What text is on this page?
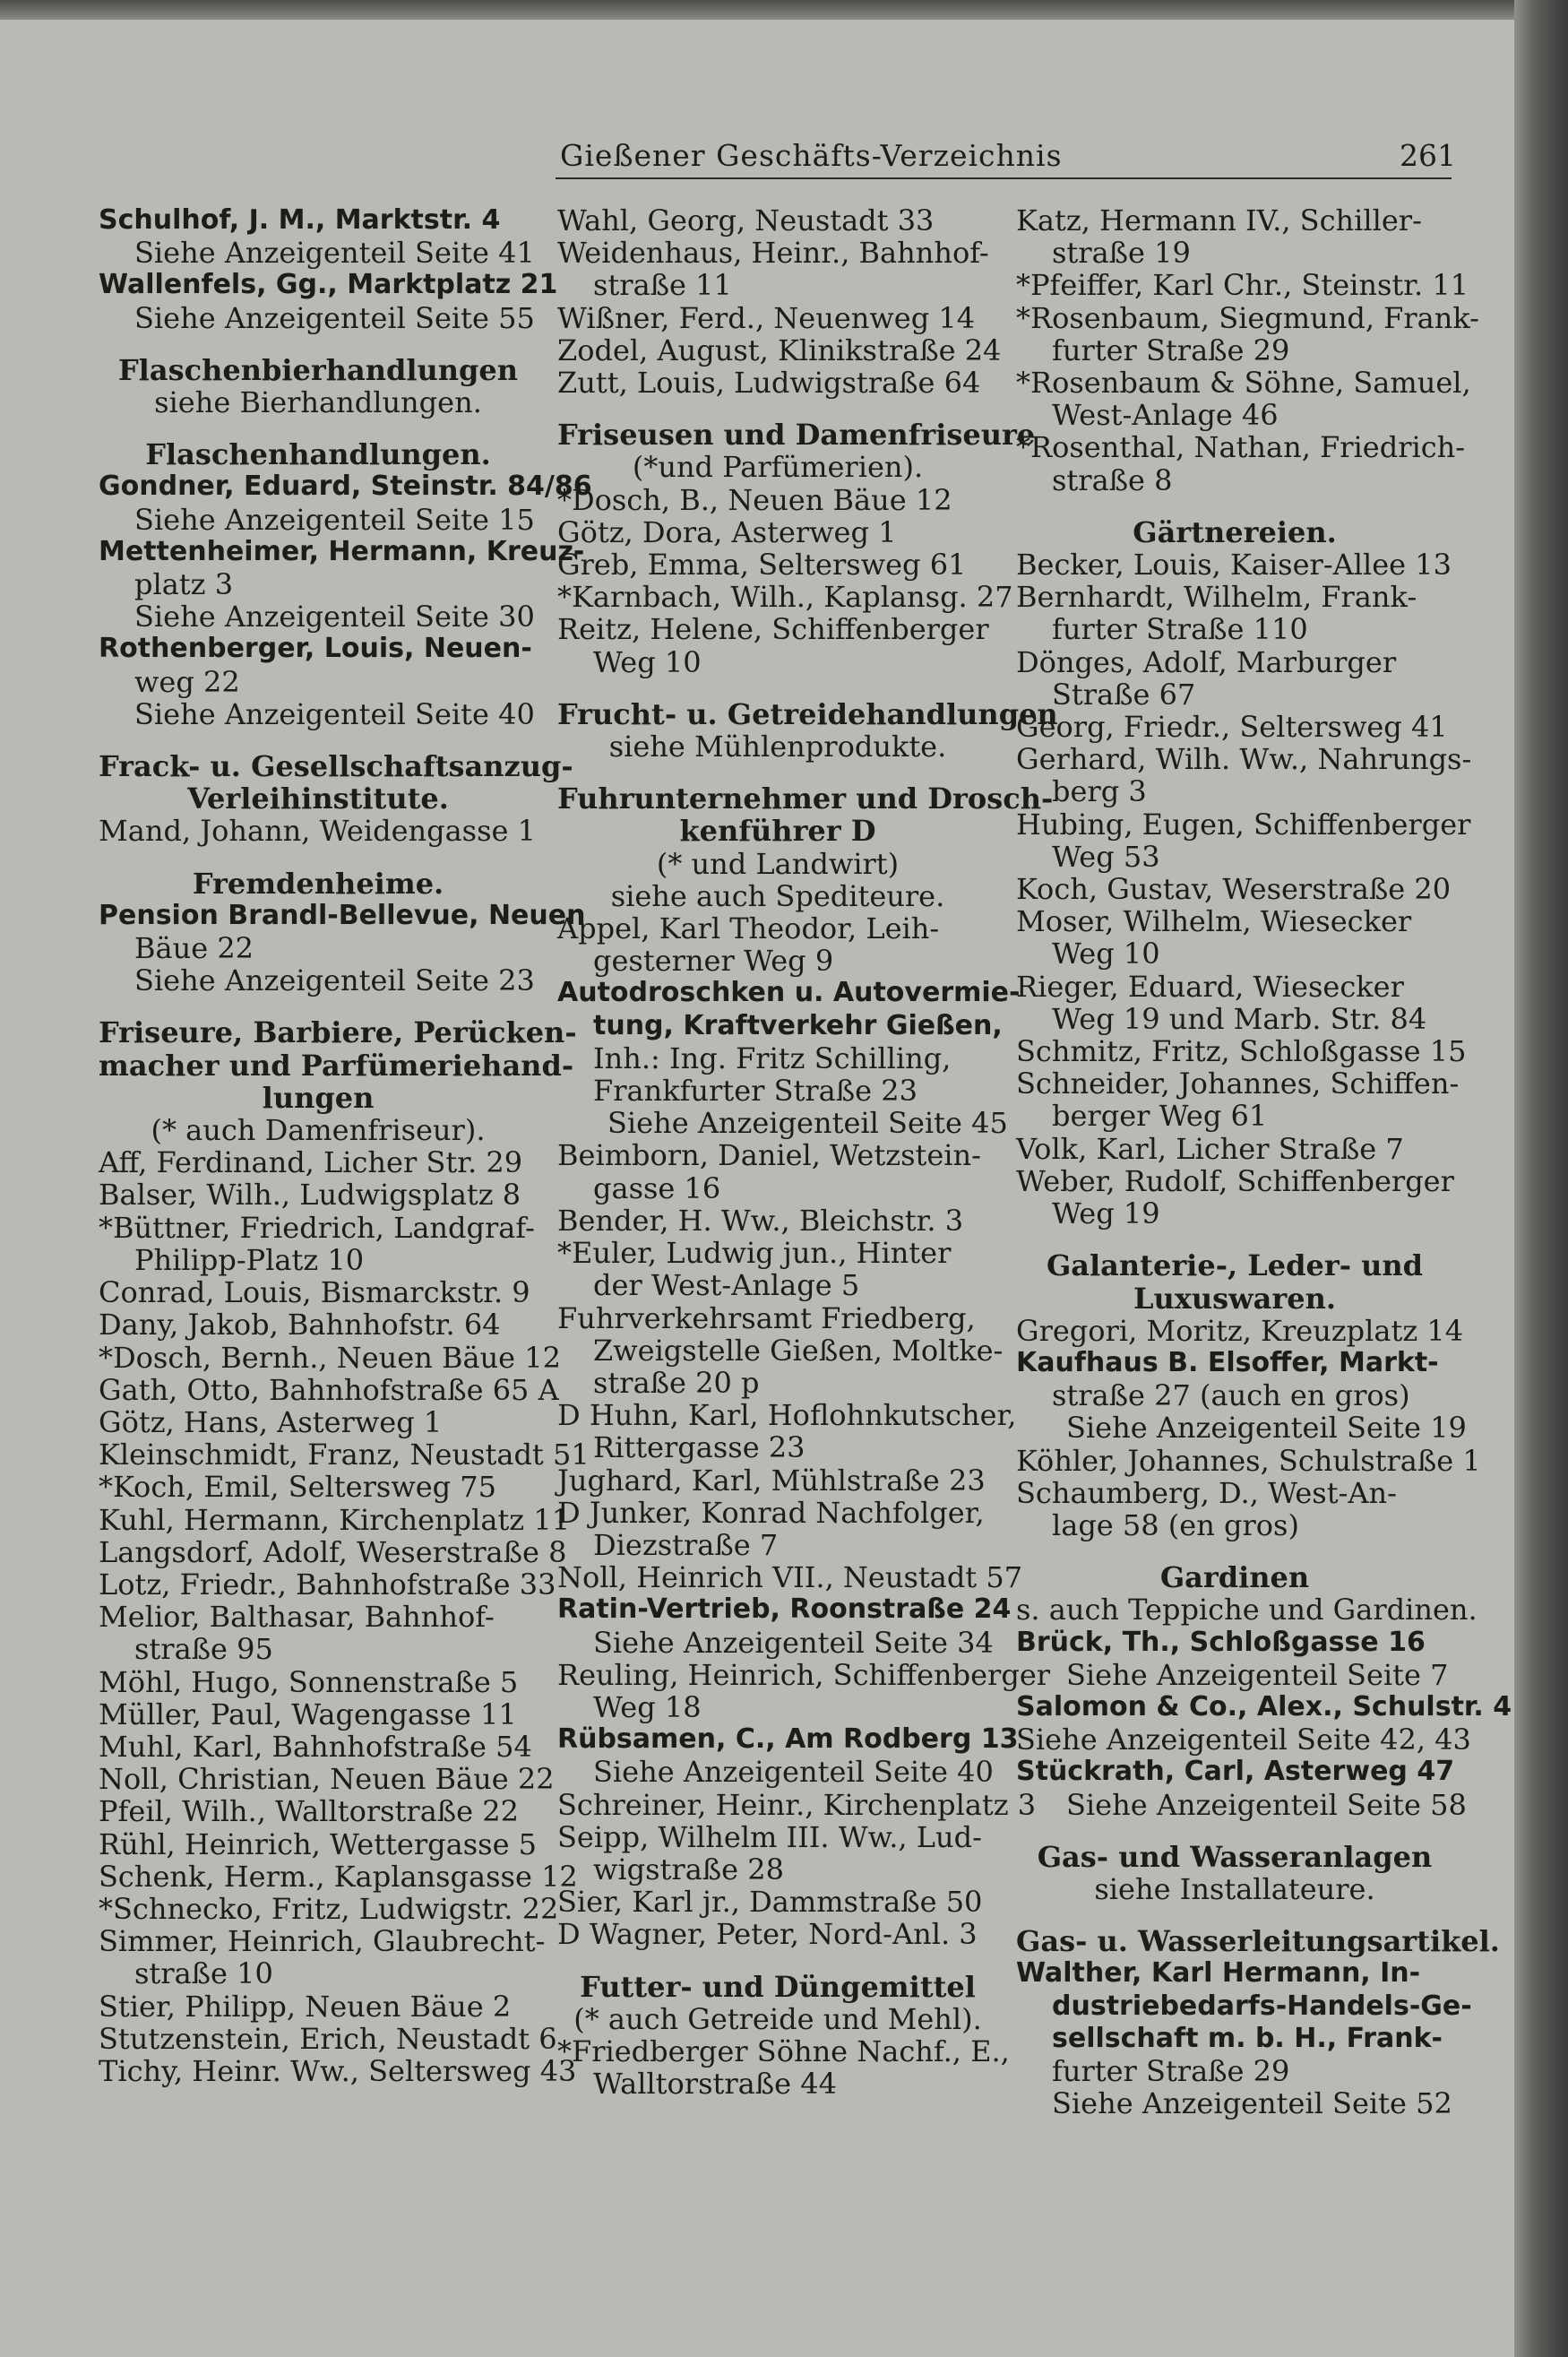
Gießener Geschäfts-Verzeichnis	261
Schulhof, J. M., Marktstr. 4
Siehe Anzeigenteil Seite 41
Wallenfels, Gg., Marktplatz 21
Siehe Anzeigenteil Seite 55
Flaschenbierhandlungen
siehe Bierhandlungen.
Flaschenhandlungen.
Gondner, Eduard, Steinstr. 84/86
Siehe Anzeigenteil Seite 15
Mettenheimer, Hermann, Kreuz-
platz 3
Siehe Anzeigenteil Seite 30
Rothenberger, Louis, Neuen-
weg 22
Siehe Anzeigenteil Seite 40
Frack- u. Gesellschaftsanzug-
Verleihinstitute.
Mand, Johann, Weidengasse 1
Fremdenheime.
Pension Brandl-Bellevue, Neuen
Bäue 22
Siehe Anzeigenteil Seite 23
Friseure, Barbiere, Perücken-
macher und Parfümeriehand-
lungen
(* auch Damenfriseur).
Aff, Ferdinand, Licher Str. 29
Balser, Wilh., Ludwigsplatz 8
*Büttner, Friedrich, Landgraf-
Philipp-Platz 10
Conrad, Louis, Bismarckstr. 9
Dany, Jakob, Bahnhofstr. 64
*Dosch, Bernh., Neuen Bäue 12
Gath, Otto, Bahnhofstraße 65 A
Götz, Hans, Asterweg 1
Kleinschmidt, Franz, Neustadt 51
*Koch, Emil, Seltersweg 75
Kuhl, Hermann, Kirchenplatz 11
Langsdorf, Adolf, Weserstraße 8
Lotz, Friedr., Bahnhofstraße 33
Melior, Balthasar, Bahnhof-
straße 95
Möhl, Hugo, Sonnenstraße 5
Müller, Paul, Wagengasse 11
Muhl, Karl, Bahnhofstraße 54
Noll, Christian, Neuen Bäue 22
Pfeil, Wilh., Walltorstraße 22
Rühl, Heinrich, Wettergasse 5
Schenk, Herm., Kaplansgasse 12
*Schnecko, Fritz, Ludwigstr. 22
Simmer, Heinrich, Glaubrecht-
straße 10
Stier, Philipp, Neuen Bäue 2
Stutzenstein, Erich, Neustadt 6
Tichy, Heinr. Ww., Seltersweg 43
Wahl, Georg, Neustadt 33
Weidenhaus, Heinr., Bahnhof-
straße 11
Wißner, Ferd., Neuenweg 14
Zodel, August, Klinikstraße 24
Zutt, Louis, Ludwigstraße 64
Friseusen und Damenfriseure
(*und Parfümerien).
*Dosch, B., Neuen Bäue 12
Götz, Dora, Asterweg 1
Greb, Emma, Seltersweg 61
*Karnbach, Wilh., Kaplansg. 27
Reitz, Helene, Schiffenberger
Weg 10
Frucht- u. Getreidehandlungen
siehe Mühlenprodukte.
Fuhrunternehmer und Drosch-
kenführer D
(* und Landwirt)
siehe auch Spediteure.
Appel, Karl Theodor, Leih-
gesterner Weg 9
Autodroschken u. Autovermie-
tung, Kraftverkehr Gießen,
Inh.: Ing. Fritz Schilling,
Frankfurter Straße 23
Siehe Anzeigenteil Seite 45
Beimborn, Daniel, Wetzstein-
gasse 16
Bender, H. Ww., Bleichstr. 3
*Euler, Ludwig jun., Hinter
der West-Anlage 5
Fuhrverkehrsamt Friedberg,
Zweigstelle Gießen, Moltke-
straße 20 p
D Huhn, Karl, Hoflohnkutscher,
Rittergasse 23
Jughard, Karl, Mühlstraße 23
D Junker, Konrad Nachfolger,
Diezstraße 7
Noll, Heinrich VII., Neustadt 57
Ratin-Vertrieb, Roonstraße 24
Siehe Anzeigenteil Seite 34
Reuling, Heinrich, Schiffenberger
Weg 18
Rübsamen, C., Am Rodberg 13
Siehe Anzeigenteil Seite 40
Schreiner, Heinr., Kirchenplatz 3
Seipp, Wilhelm III. Ww., Lud-
wigstraße 28
Sier, Karl jr., Dammstraße 50
D Wagner, Peter, Nord-Anl. 3
Futter- und Düngemittel
(* auch Getreide und Mehl).
*Friedberger Söhne Nachf., E.,
Walltorstraße 44
Katz, Hermann IV., Schiller-
straße 19
*Pfeiffer, Karl Chr., Steinstr. 11
*Rosenbaum, Siegmund, Frank-
furter Straße 29
*Rosenbaum & Söhne, Samuel,
West-Anlage 46
*Rosenthal, Nathan, Friedrich-
straße 8
Gärtnereien.
Becker, Louis, Kaiser-Allee 13
Bernhardt, Wilhelm, Frank-
furter Straße 110
Dönges, Adolf, Marburger
Straße 67
Georg, Friedr., Seltersweg 41
Gerhard, Wilh. Ww., Nahrungs-
berg 3
Hubing, Eugen, Schiffenberger
Weg 53
Koch, Gustav, Weserstraße 20
Moser, Wilhelm, Wiesecker
Weg 10
Rieger, Eduard, Wiesecker
Weg 19 und Marb. Str. 84
Schmitz, Fritz, Schloßgasse 15
Schneider, Johannes, Schiffen-
berger Weg 61
Volk, Karl, Licher Straße 7
Weber, Rudolf, Schiffenberger
Weg 19
Galanterie-, Leder- und
Luxuswaren.
Gregori, Moritz, Kreuzplatz 14
Kaufhaus B. Elsoffer, Markt-
straße 27 (auch en gros)
Siehe Anzeigenteil Seite 19
Köhler, Johannes, Schulstraße 1
Schaumberg, D., West-An-
lage 58 (en gros)
Gardinen
s. auch Teppiche und Gardinen.
Brück, Th., Schloßgasse 16
Siehe Anzeigenteil Seite 7
Salomon & Co., Alex., Schulstr. 4
Siehe Anzeigenteil Seite 42, 43
Stückrath, Carl, Asterweg 47
Siehe Anzeigenteil Seite 58
Gas- und Wasseranlagen
siehe Installateure.
Gas- u. Wasserleitungsartikel.
Walther, Karl Hermann, In-
dustriebedarfs-Handels-Ge-
sellschaft m. b. H., Frank-
furter Straße 29
Siehe Anzeigenteil Seite 52
